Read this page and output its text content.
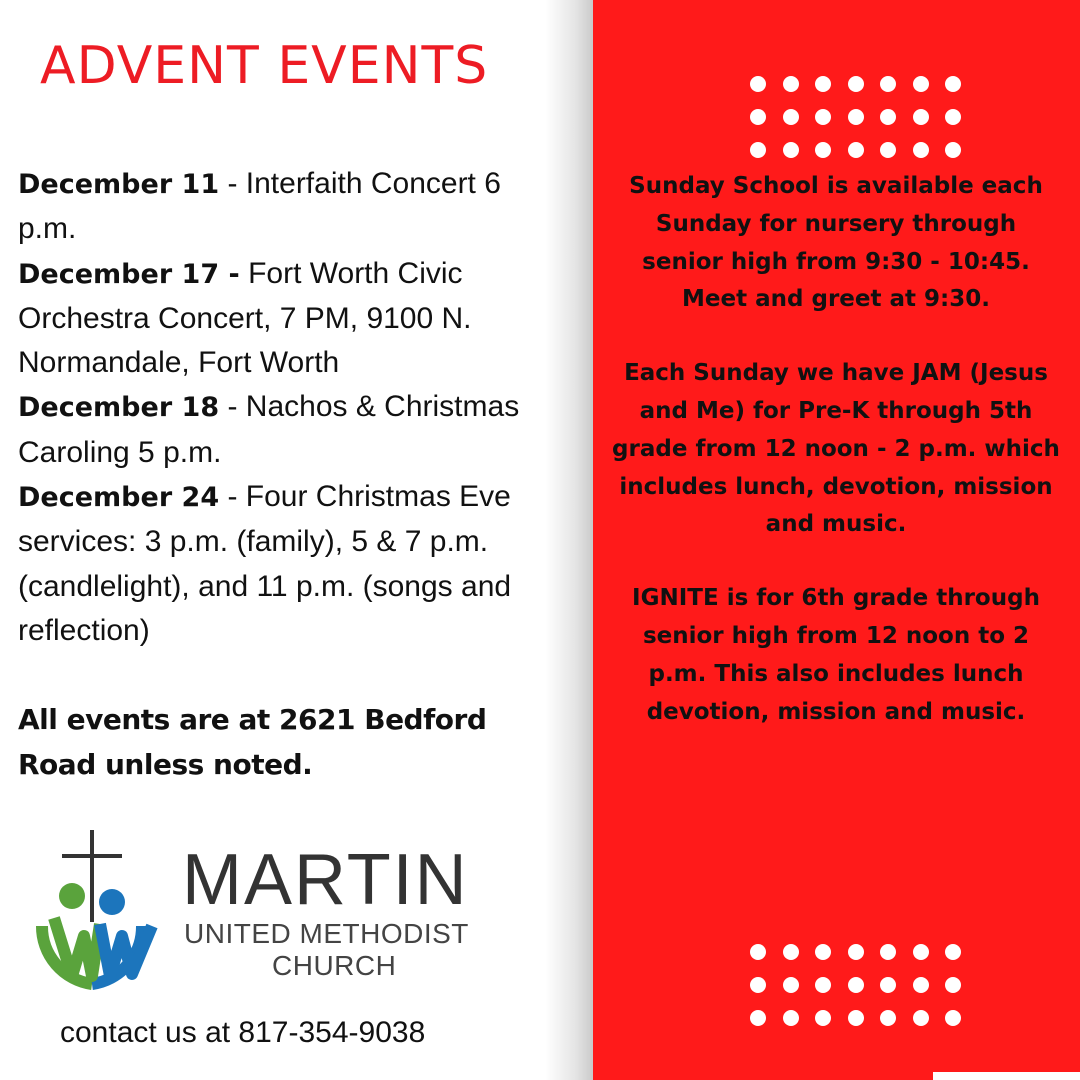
ADVENT EVENTS

December 11 - Interfaith Concert 6 p.m.

December 17 - Fort Worth Civic Orchestra Concert, 7 PM, 9100 N. Normandale, Fort Worth

December 18 - Nachos & Christmas Caroling 5 p.m.

December 24 - Four Christmas Eve services: 3 p.m. (family), 5 & 7 p.m. (candlelight), and 11 p.m. (songs and reflection)

All events are at 2621 Bedford Road unless noted.

MARTIN
UNITED METHODIST
CHURCH
contact us at 817-354-9038

Sunday School is available each Sunday for nursery through senior high from 9:30 - 10:45. Meet and greet at 9:30.

Each Sunday we have JAM (Jesus and Me) for Pre-K through 5th grade from 12 noon - 2 p.m. which includes lunch, devotion, mission and music.

IGNITE is for 6th grade through senior high from 12 noon to 2 p.m. This also includes lunch devotion, mission and music.
